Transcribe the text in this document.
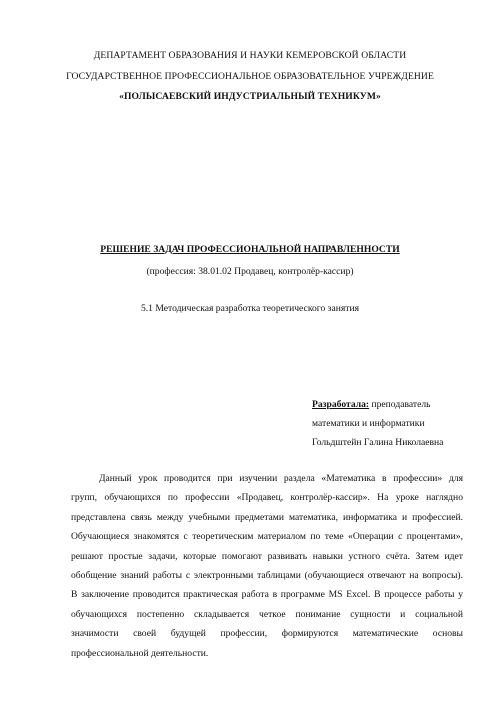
ДЕПАРТАМЕНТ ОБРАЗОВАНИЯ И НАУКИ КЕМЕРОВСКОЙ ОБЛАСТИ
ГОСУДАРСТВЕННОЕ ПРОФЕССИОНАЛЬНОЕ ОБРАЗОВАТЕЛЬНОЕ УЧРЕЖДЕНИЕ
«ПОЛЫСАЕВСКИЙ ИНДУСТРИАЛЬНЫЙ ТЕХНИКУМ»
РЕШЕНИЕ ЗАДАЧ ПРОФЕССИОНАЛЬНОЙ НАПРАВЛЕННОСТИ
(профессия: 38.01.02 Продавец, контролёр-кассир)
5.1 Методическая разработка теоретического занятия
Разработала: преподаватель
математики и информатики
Гольдштейн Галина Николаевна
Данный урок проводится при изучении раздела «Математика в профессии» для
групп, обучающихся по профессии «Продавец, контролёр-кассир». На уроке наглядно
представлена связь между учебными предметами математика, информатика и профессией.
Обучающиеся знакомятся с теоретическим материалом по теме «Операции с процентами»,
решают простые задачи, которые помогают развивать навыки устного счёта. Затем идет
обобщение знаний работы с электронными таблицами (обучающиеся отвечают на вопросы).
В заключение проводится практическая работа в программе MS Excel. В процессе работы у
обучающихся постепенно складывается четкое понимание сущности и социальной
значимости своей будущей профессии, формируются математические основы
профессиональной деятельности.
